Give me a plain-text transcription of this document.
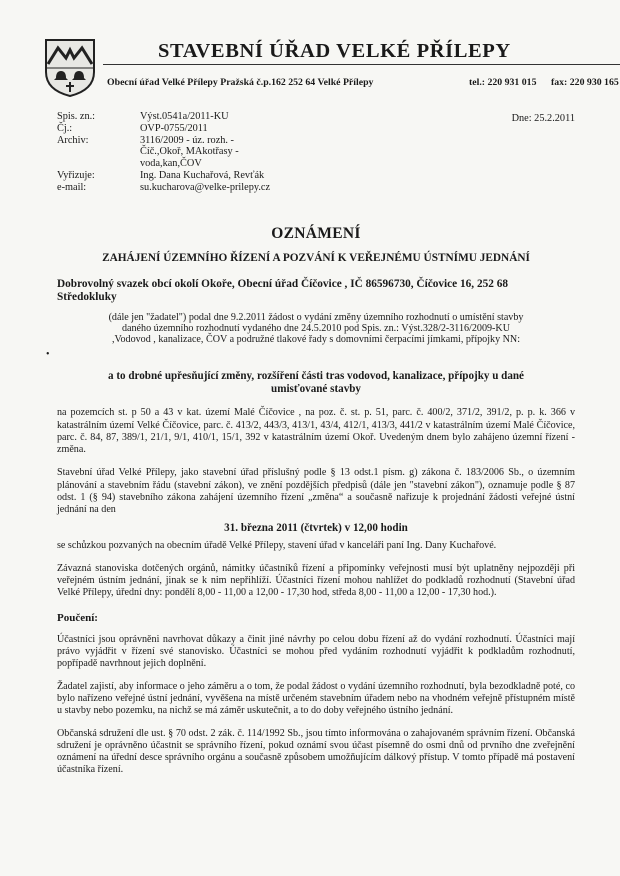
STAVEBNÍ ÚŘAD VELKÉ PŘÍLEPY
Obecní úřad Velké Přílepy Pražská č.p.162 252 64 Velké Přílepy	tel.: 220 931 015 fax: 220 930 165
Spis. zn.:	Výst.0541a/2011-KU
Čj.:	OVP-0755/2011
Archiv:	3116/2009 - úz. rozh. -
	Číč.,Okoř, MAkotřasy -
	voda,kan,ČOV
Vyřizuje:	Ing. Dana Kuchařová, Revťák
e-mail:	su.kucharova@velke-prilepy.cz
Dne: 25.2.2011
OZNÁMENÍ
ZAHÁJENÍ ÚZEMNÍHO ŘÍZENÍ A POZVÁNÍ K VEŘEJNÉMU ÚSTNÍMU JEDNÁNÍ
Dobrovolný svazek obcí okolí Okoře, Obecní úřad Číčovice , IČ 86596730, Číčovice 16, 252 68
Středokluky
(dále jen "žadatel") podal dne 9.2.2011 žádost o vydání změny územního rozhodnutí o umístění stavby
daného územního rozhodnutí vydaného dne 24.5.2010 pod Spis. zn.: Výst.328/2-3116/2009-KU
,Vodovod , kanalizace, ČOV a podružné tlakové řady s domovními čerpacími jímkami, přípojky NN:
•
a to drobné upřesňující změny, rozšíření části tras vodovod, kanalizace, přípojky u dané
umisťované stavby

na pozemcích st. p 50 a 43 v kat. území Malé Číčovice , na poz. č. st. p. 51, parc. č. 400/2, 371/2, 391/2, p. p. k. 366 v katastrálním území Velké Číčovice, parc. č. 413/2, 443/3, 413/1, 43/4, 412/1, 413/3, 441/2 v katastrálním území Malé Číčovice, parc. č. 84, 87, 389/1, 21/1, 9/1, 410/1, 15/1, 392 v katastrálním území Okoř. Uvedeným dnem bylo zahájeno územní řízení - změna.

Stavební úřad Velké Přílepy, jako stavební úřad příslušný podle § 13 odst.1 písm. g) zákona č. 183/2006 Sb., o územním plánování a stavebním řádu (stavební zákon), ve znění pozdějších předpisů (dále jen "stavební zákon"), oznamuje podle § 87 odst. 1 (§ 94) stavebního zákona zahájení územního řízení „změna“ a současně nařizuje k projednání žádosti veřejné ústní jednání na den

31. března 2011 (čtvrtek) v 12,00 hodin

se schůzkou pozvaných na obecním úřadě Velké Přílepy, stavení úřad v kanceláři paní Ing. Dany Kuchařové.

Závazná stanoviska dotčených orgánů, námitky účastníků řízení a připomínky veřejnosti musí být uplatněny nejpozději při veřejném ústním jednání, jinak se k nim nepřihlíží. Účastníci řízení mohou nahlížet do podkladů rozhodnutí (Stavební úřad Velké Přílepy, úřední dny: pondělí 8,00 - 11,00 a 12,00 - 17,30 hod, středa 8,00 - 11,00 a 12,00 - 17,30 hod.).

Poučení:

Účastníci jsou oprávněni navrhovat důkazy a činit jiné návrhy po celou dobu řízení až do vydání rozhodnutí. Účastníci mají právo vyjádřit v řízení své stanovisko. Účastníci se mohou před vydáním rozhodnutí vyjádřit k podkladům rozhodnutí, popřípadě navrhnout jejich doplnění.

Žadatel zajistí, aby informace o jeho záměru a o tom, že podal žádost o vydání územního rozhodnutí, byla bezodkladně poté, co bylo nařízeno veřejné ústní jednání, vyvěšena na místě určeném stavebním úřadem nebo na vhodném veřejně přístupném místě u stavby nebo pozemku, na nichž se má záměr uskutečnit, a to do doby veřejného ústního jednání.

Občanská sdružení dle ust. § 70 odst. 2 zák. č. 114/1992 Sb., jsou tímto informována o zahajovaném správním řízení. Občanská sdružení je oprávněno účastnit se správního řízení, pokud oznámí svou účast písemně do osmi dnů od prvního dne zveřejnění oznámení na úřední desce správního orgánu a současně způsobem umožňujícím dálkový přístup. V tomto případě má postavení účastníka řízení.
